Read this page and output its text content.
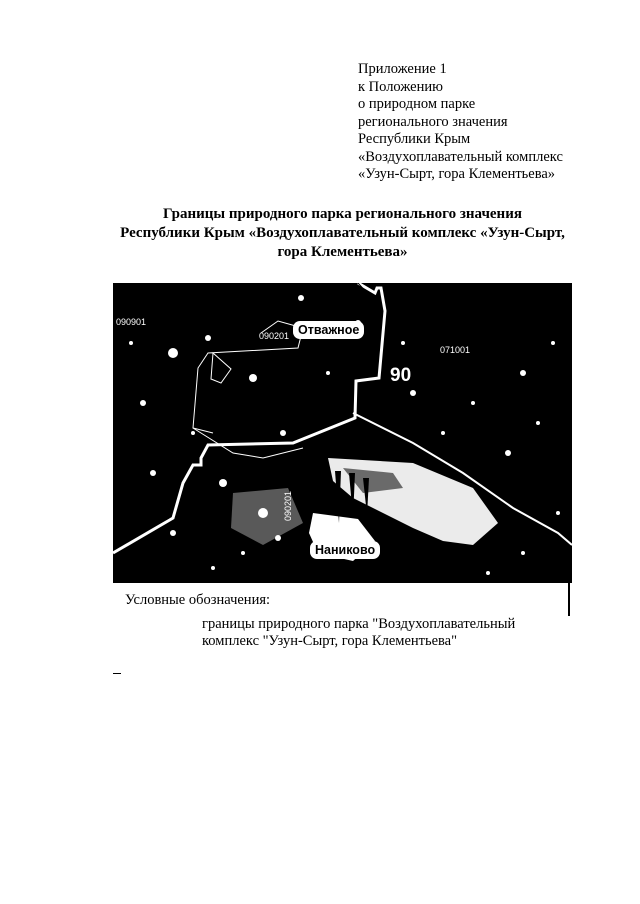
Приложение 1
к Положению
о природном парке
регионального значения
Республики Крым
«Воздухоплавательный комплекс
«Узун-Сырт, гора Клементьева»
Границы природного парка регионального значения
Республики Крым «Воздухоплавательный комплекс «Узун-Сырт,
гора Клементьева»
090901
090201
071001
090201
Отважное
Наниково
90
Условные обозначения:
границы природного парка "Воздухоплавательный
комплекс "Узун-Сырт, гора Клементьева"
